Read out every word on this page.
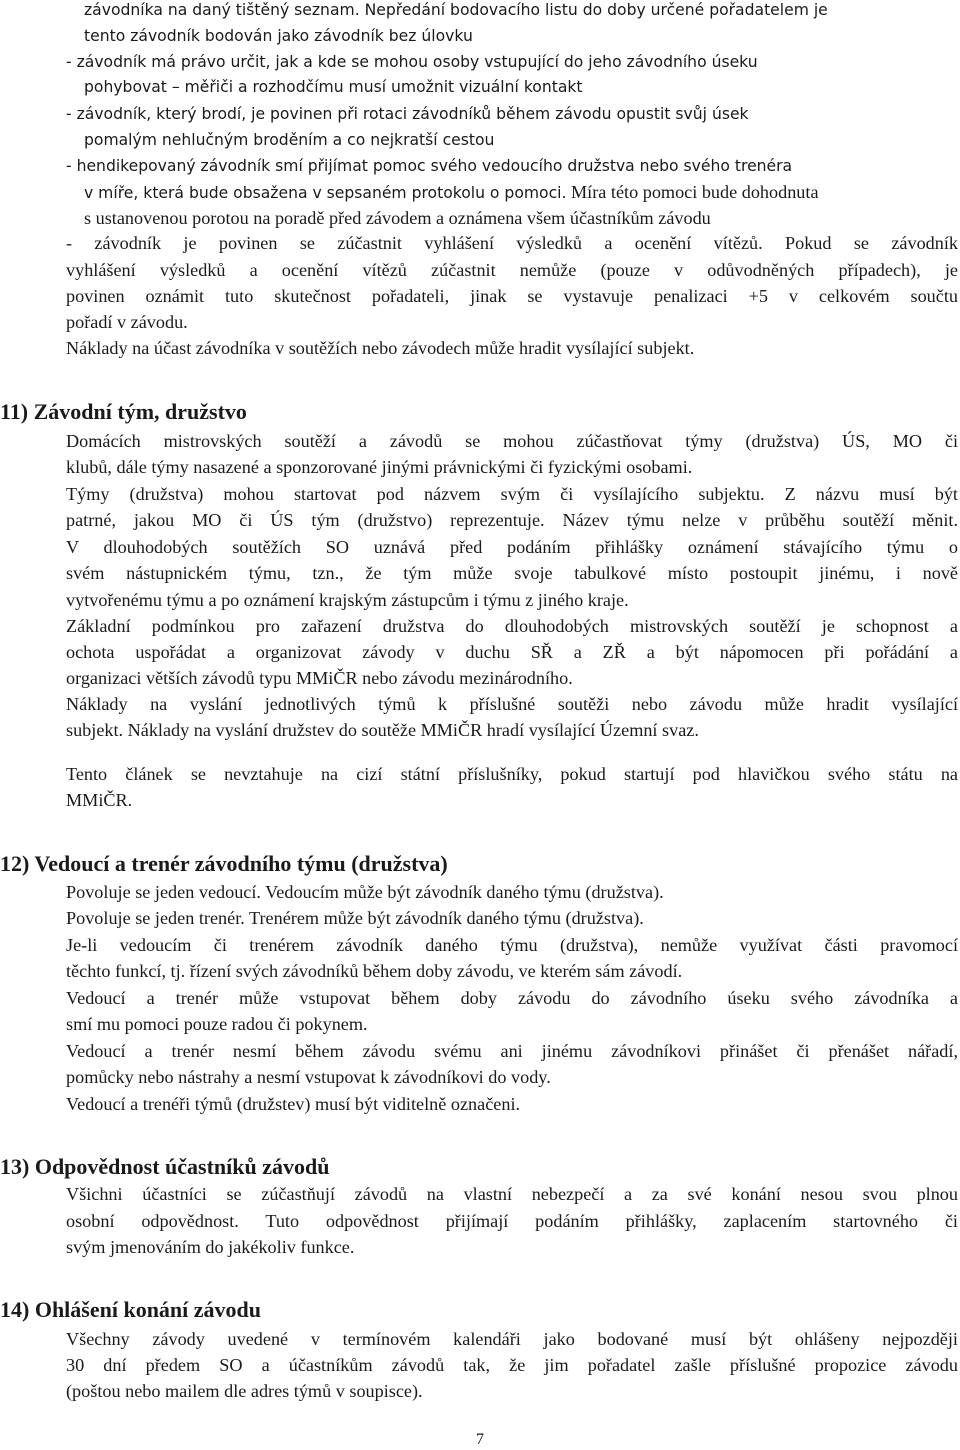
závodníka na daný tištěný seznam. Nepředání bodovacího listu do doby určené pořadatelem je

tento závodník bodován jako závodník bez úlovku

- závodník má právo určit, jak a kde se mohou osoby vstupující do jeho závodního úseku

pohybovat – měřiči a rozhodčímu musí umožnit vizuální kontakt

- závodník, který brodí, je povinen při rotaci závodníků během závodu opustit svůj úsek

pomalým nehlučným broděním a co nejkratší cestou

- hendikepovaný závodník smí přijímat pomoc svého vedoucího družstva nebo svého trenéra

v míře, která bude obsažena v sepsaném protokolu o pomoci. Míra této pomoci bude dohodnuta

s ustanovenou porotou na poradě před závodem a oznámena všem účastníkům závodu

- závodník je povinen se zúčastnit vyhlášení výsledků a ocenění vítězů. Pokud se závodník

vyhlášení výsledků a ocenění vítězů zúčastnit nemůže (pouze v odůvodněných případech), je

povinen oznámit tuto skutečnost pořadateli, jinak se vystavuje penalizaci +5 v celkovém součtu

pořadí v závodu.

Náklady na účast závodníka v soutěžích nebo závodech může hradit vysílající subjekt.

11) Závodní tým, družstvo

Domácích mistrovských soutěží a závodů se mohou zúčastňovat týmy (družstva) ÚS, MO či

klubů, dále týmy nasazené a sponzorované jinými právnickými či fyzickými osobami.

Týmy (družstva) mohou startovat pod názvem svým či vysílajícího subjektu. Z názvu musí být

patrné, jakou MO či ÚS tým (družstvo) reprezentuje. Název týmu nelze v průběhu soutěží měnit.

V dlouhodobých soutěžích SO uznává před podáním přihlášky oznámení stávajícího týmu o

svém nástupnickém týmu, tzn., že tým může svoje tabulkové místo postoupit jinému, i nově

vytvořenému týmu a po oznámení krajským zástupcům i týmu z jiného kraje.

Základní podmínkou pro zařazení družstva do dlouhodobých mistrovských soutěží je schopnost a

ochota uspořádat a organizovat závody v duchu SŘ a ZŘ a být nápomocen při pořádání a

organizaci větších závodů typu MMiČR nebo závodu mezinárodního.

Náklady na vyslání jednotlivých týmů k příslušné soutěži nebo závodu může hradit vysílající

subjekt. Náklady na vyslání družstev do soutěže MMiČR hradí vysílající Územní svaz.

Tento článek se nevztahuje na cizí státní příslušníky, pokud startují pod hlavičkou svého státu na

MMiČR.

12) Vedoucí a trenér závodního týmu (družstva)

Povoluje se jeden vedoucí. Vedoucím může být závodník daného týmu (družstva).

Povoluje se jeden trenér. Trenérem může být závodník daného týmu (družstva).

Je-li vedoucím či trenérem závodník daného týmu (družstva), nemůže využívat části pravomocí

těchto funkcí, tj. řízení svých závodníků během doby závodu, ve kterém sám závodí.

Vedoucí a trenér může vstupovat během doby závodu do závodního úseku svého závodníka a

smí mu pomoci pouze radou či pokynem.

Vedoucí a trenér nesmí během závodu svému ani jinému závodníkovi přinášet či přenášet nářadí,

pomůcky nebo nástrahy a nesmí vstupovat k závodníkovi do vody.

Vedoucí a trenéři týmů (družstev) musí být viditelně označeni.

13) Odpovědnost účastníků závodů

Všichni účastníci se zúčastňují závodů na vlastní nebezpečí a za své konání nesou svou plnou

osobní odpovědnost. Tuto odpovědnost přijímají podáním přihlášky, zaplacením startovného či

svým jmenováním do jakékoliv funkce.

14) Ohlášení konání závodu

Všechny závody uvedené v termínovém kalendáři jako bodované musí být ohlášeny nejpozději

30 dní předem SO a účastníkům závodů tak, že jim pořadatel zašle příslušné propozice závodu

(poštou nebo mailem dle adres týmů v soupisce).

7
